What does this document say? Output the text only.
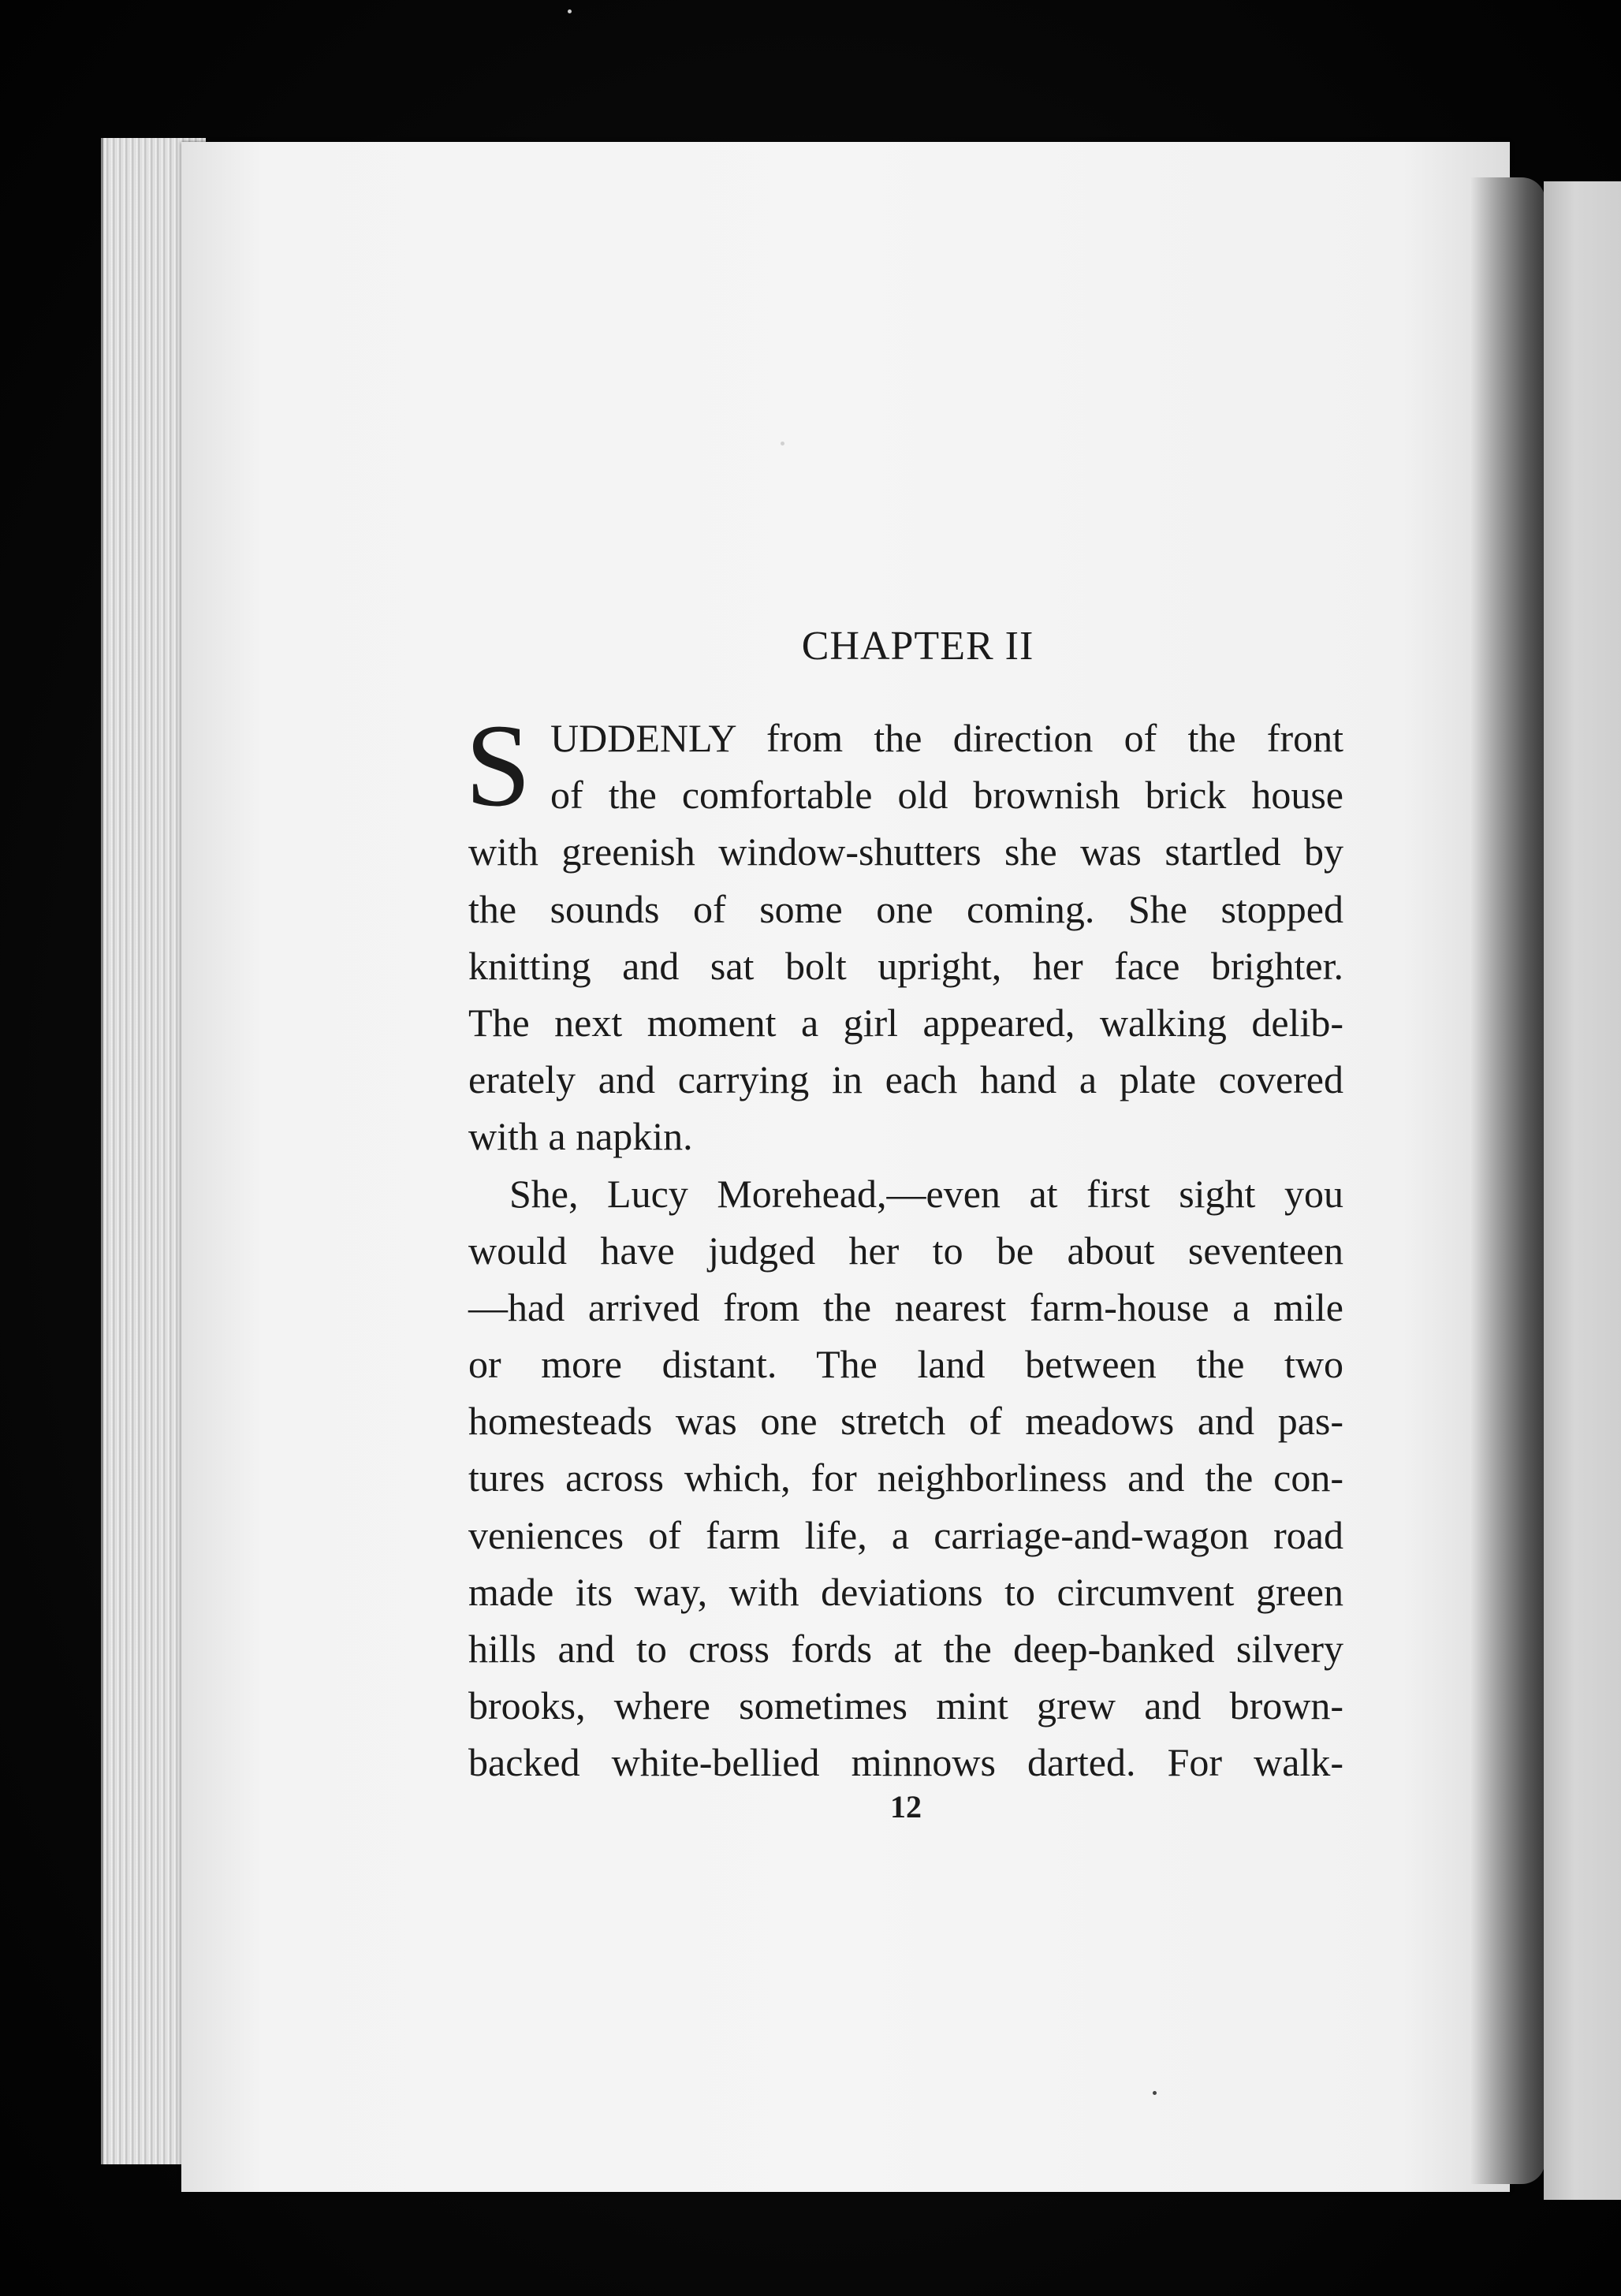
CHAPTER II
S UDDENLY from the direction of the front
of the comfortable old brownish brick house
with greenish window-shutters she was startled by
the sounds of some one coming. She stopped
knitting and sat bolt upright, her face brighter.
The next moment a girl appeared, walking delib-
erately and carrying in each hand a plate covered
with a napkin.
She, Lucy Morehead,—even at first sight you
would have judged her to be about seventeen
—had arrived from the nearest farm-house a mile
or more distant. The land between the two
homesteads was one stretch of meadows and pas-
tures across which, for neighborliness and the con-
veniences of farm life, a carriage-and-wagon road
made its way, with deviations to circumvent green
hills and to cross fords at the deep-banked silvery
brooks, where sometimes mint grew and brown-
backed white-bellied minnows darted. For walk-
12
